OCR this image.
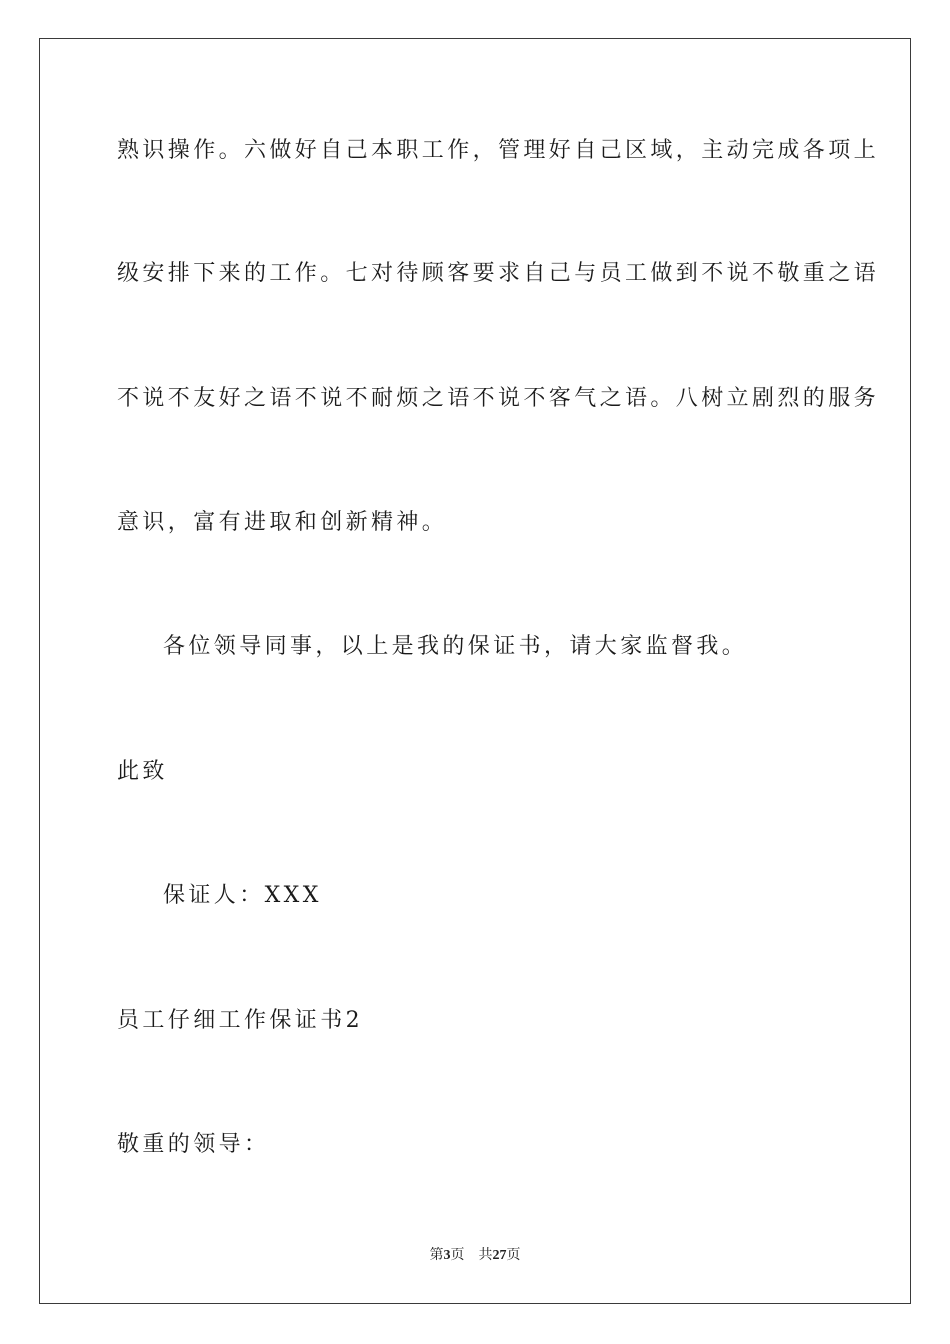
熟识操作。六做好自己本职工作，管理好自己区域，主动完成各项上
级安排下来的工作。七对待顾客要求自己与员工做到不说不敬重之语
不说不友好之语不说不耐烦之语不说不客气之语。八树立剧烈的服务
意识，富有进取和创新精神。
各位领导同事，以上是我的保证书，请大家监督我。
此致
保证人：XXX
员工仔细工作保证书2
敬重的领导：
第3页　共27页
